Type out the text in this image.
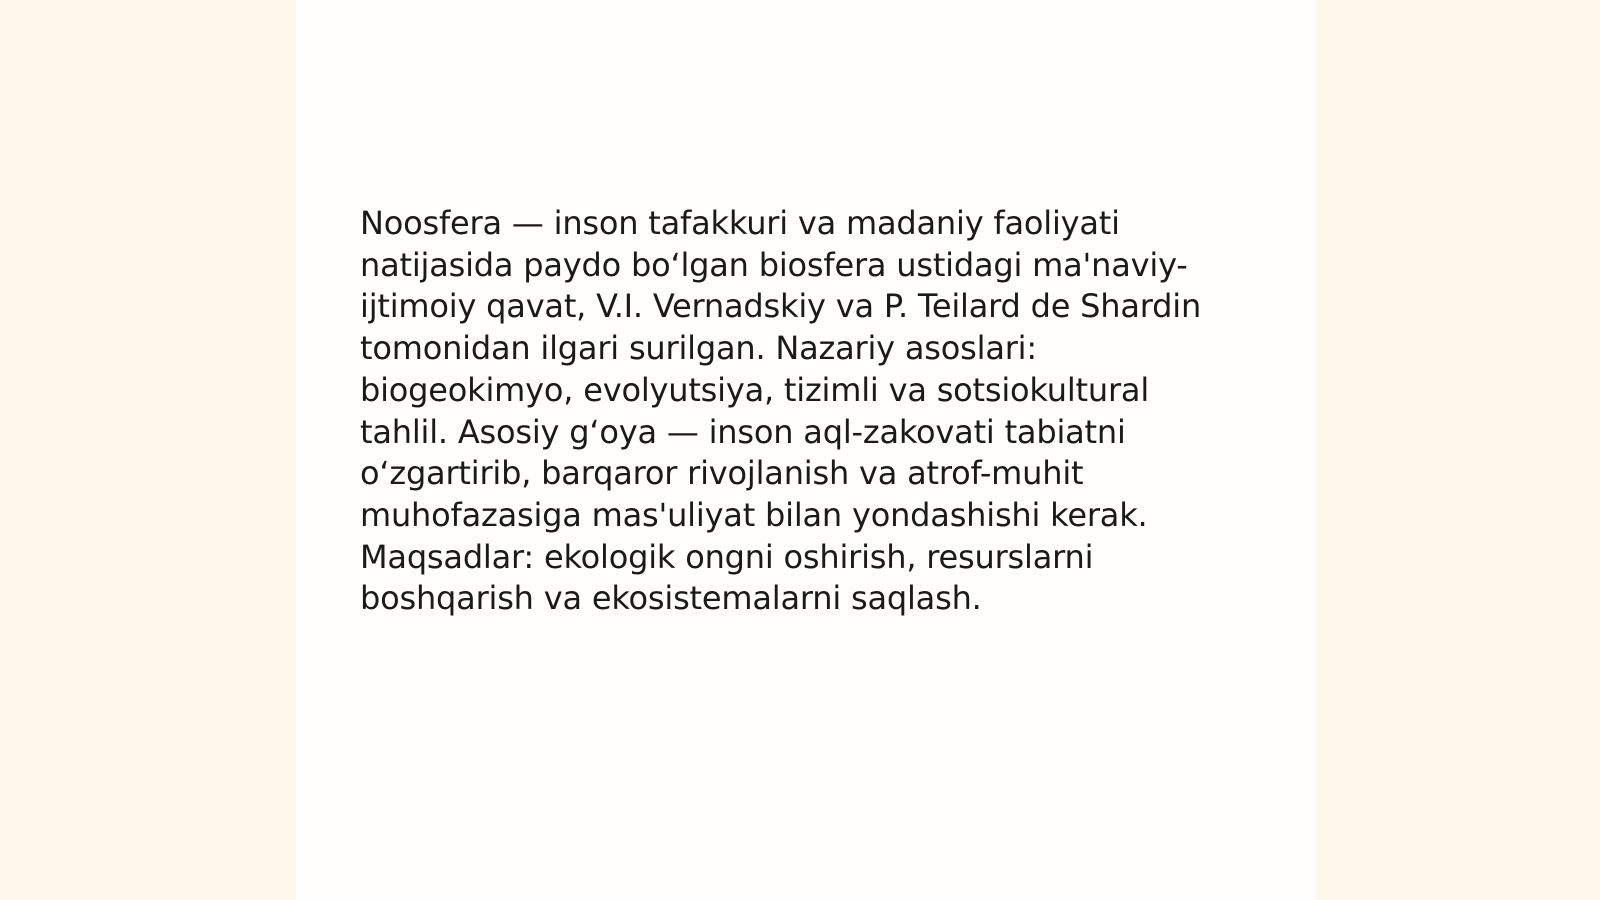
Noosfera — inson tafakkuri va madaniy faoliyati natijasida paydo boʻlgan biosfera ustidagi ma'naviy-ijtimoiy qavat, V.I. Vernadskiy va P. Teilard de Shardin tomonidan ilgari surilgan. Nazariy asoslari: biogeokimyo, evolyutsiya, tizimli va sotsiokultural tahlil. Asosiy gʻoya — inson aql-zakovati tabiatni oʻzgartirib, barqaror rivojlanish va atrof-muhit muhofazasiga mas'uliyat bilan yondashishi kerak. Maqsadlar: ekologik ongni oshirish, resurslarni boshqarish va ekosistemalarni saqlash.
